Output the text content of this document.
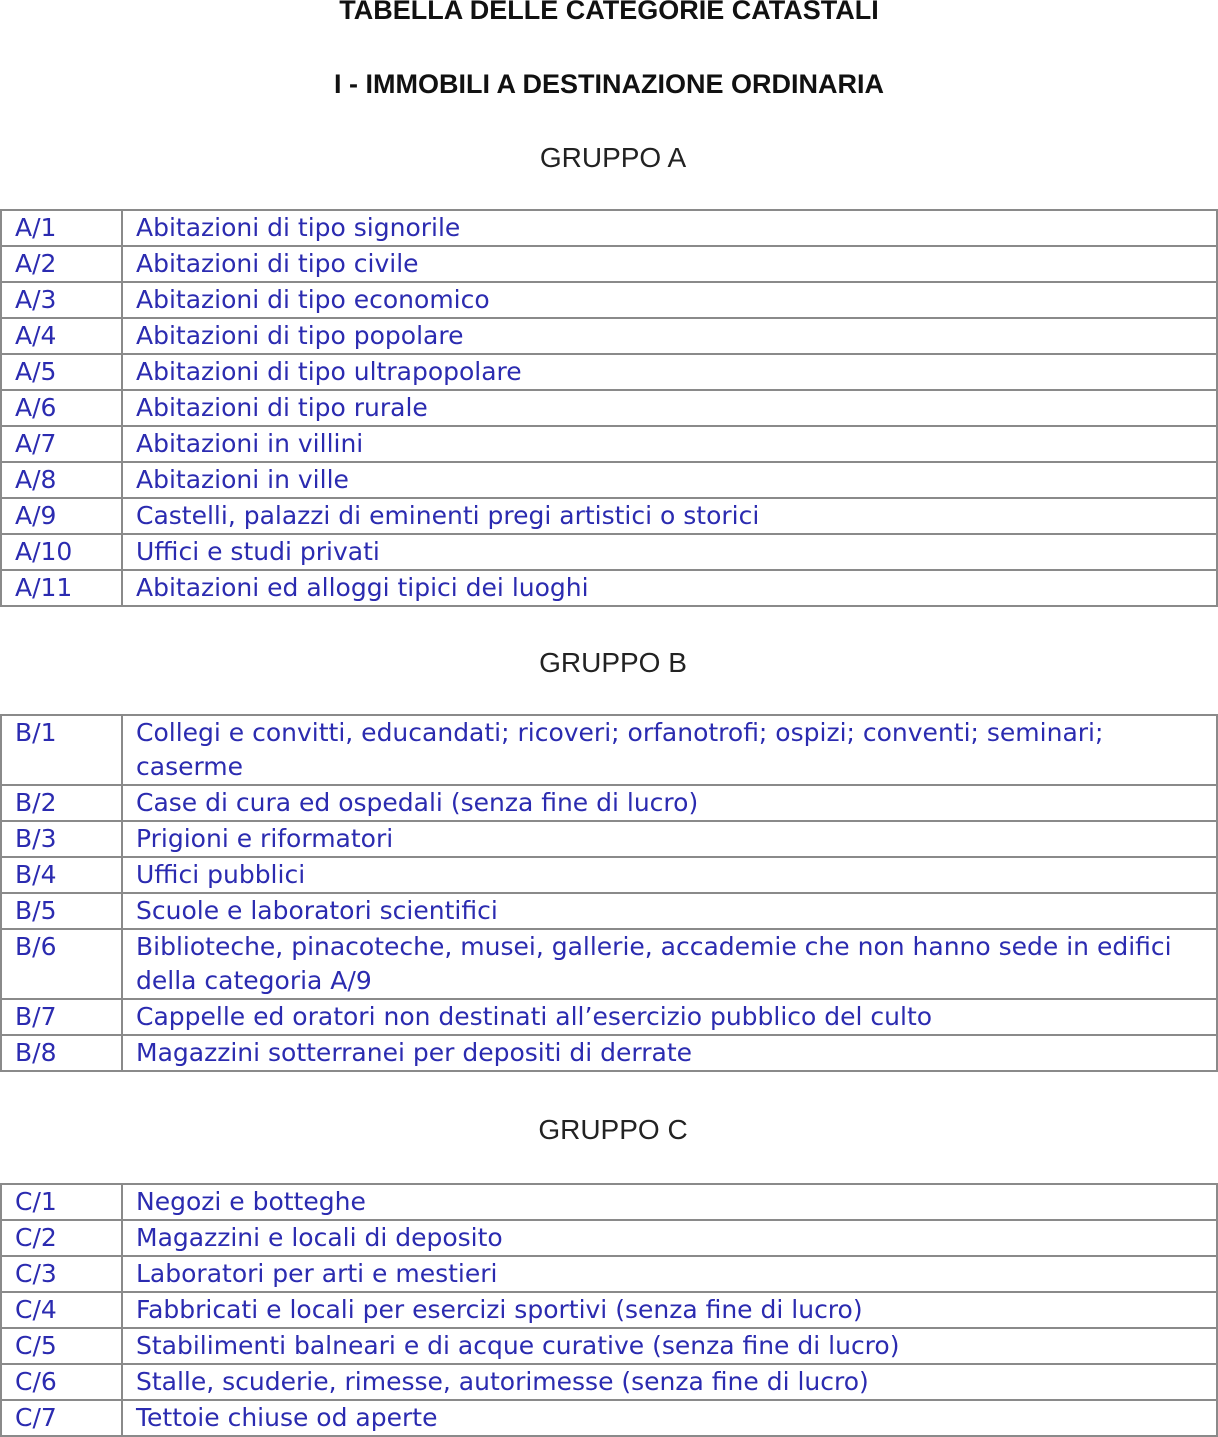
TABELLA DELLE CATEGORIE CATASTALI
I - IMMOBILI A DESTINAZIONE ORDINARIA
GRUPPO A
A/1	Abitazioni di tipo signorile
A/2	Abitazioni di tipo civile
A/3	Abitazioni di tipo economico
A/4	Abitazioni di tipo popolare
A/5	Abitazioni di tipo ultrapopolare
A/6	Abitazioni di tipo rurale
A/7	Abitazioni in villini
A/8	Abitazioni in ville
A/9	Castelli, palazzi di eminenti pregi artistici o storici
A/10	Uffici e studi privati
A/11	Abitazioni ed alloggi tipici dei luoghi
GRUPPO B
B/1	Collegi e convitti, educandati; ricoveri; orfanotrofi; ospizi; conventi; seminari; caserme
B/2	Case di cura ed ospedali (senza fine di lucro)
B/3	Prigioni e riformatori
B/4	Uffici pubblici
B/5	Scuole e laboratori scientifici
B/6	Biblioteche, pinacoteche, musei, gallerie, accademie che non hanno sede in edifici della categoria A/9
B/7	Cappelle ed oratori non destinati all’esercizio pubblico del culto
B/8	Magazzini sotterranei per depositi di derrate
GRUPPO C
C/1	Negozi e botteghe
C/2	Magazzini e locali di deposito
C/3	Laboratori per arti e mestieri
C/4	Fabbricati e locali per esercizi sportivi (senza fine di lucro)
C/5	Stabilimenti balneari e di acque curative (senza fine di lucro)
C/6	Stalle, scuderie, rimesse, autorimesse (senza fine di lucro)
C/7	Tettoie chiuse od aperte
